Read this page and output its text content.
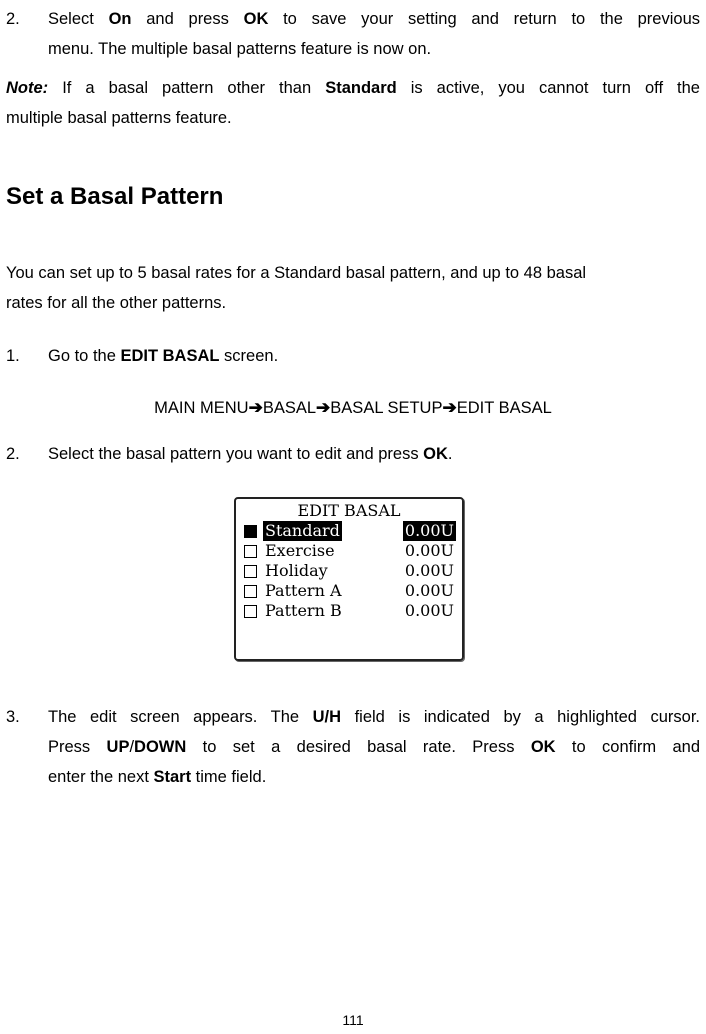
2. Select On and press OK to save your setting and return to the previous

menu. The multiple basal patterns feature is now on.

Note: If a basal pattern other than Standard is active, you cannot turn off the

multiple basal patterns feature.

Set a Basal Pattern

You can set up to 5 basal rates for a Standard basal pattern, and up to 48 basal

rates for all the other patterns.

1. Go to the EDIT BASAL screen.

MAIN MENU➔BASAL➔BASAL SETUP➔EDIT BASAL
2. Select the basal pattern you want to edit and press OK.

EDIT BASAL
Standard	0.00U
Exercise	0.00U
Holiday	0.00U
Pattern A	0.00U
Pattern B	0.00U
3. The edit screen appears. The U/H field is indicated by a highlighted cursor.

Press UP/DOWN to set a desired basal rate. Press OK to confirm and

enter the next Start time field.

111
